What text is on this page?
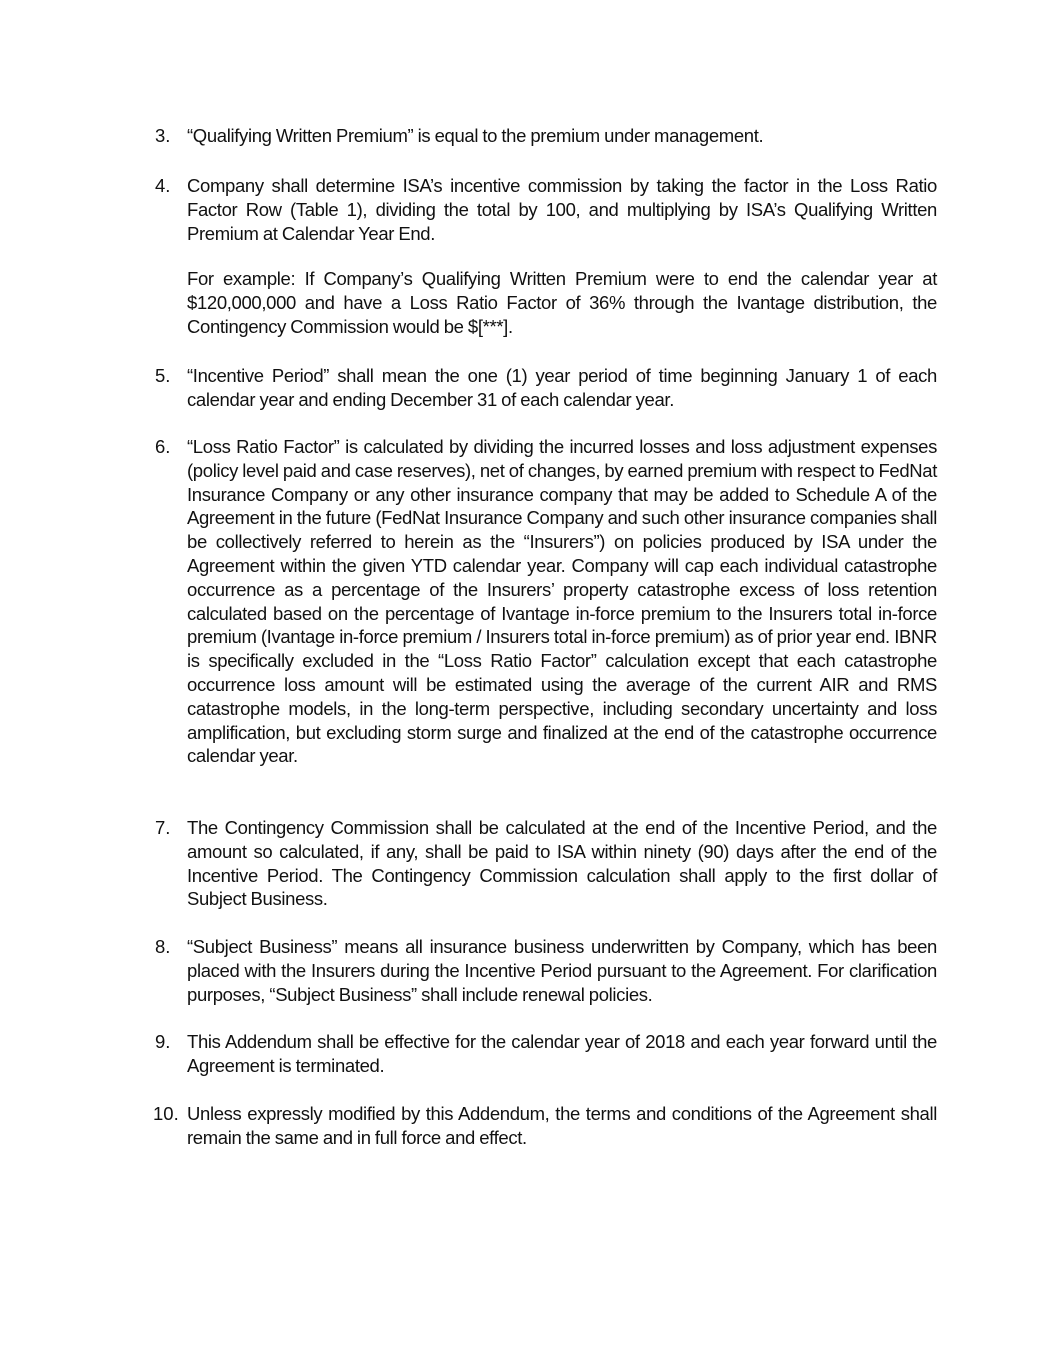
3. “Qualifying Written Premium” is equal to the premium under management.
4. Company shall determine ISA’s incentive commission by taking the factor in the Loss Ratio Factor Row (Table 1), dividing the total by 100, and multiplying by ISA’s Qualifying Written Premium at Calendar Year End.
For example: If Company’s Qualifying Written Premium were to end the calendar year at $120,000,000 and have a Loss Ratio Factor of 36% through the Ivantage distribution, the Contingency Commission would be $[***].
5. “Incentive Period” shall mean the one (1) year period of time beginning January 1 of each calendar year and ending December 31 of each calendar year.
6. “Loss Ratio Factor” is calculated by dividing the incurred losses and loss adjustment expenses (policy level paid and case reserves), net of changes, by earned premium with respect to FedNat Insurance Company or any other insurance company that may be added to Schedule A of the Agreement in the future (FedNat Insurance Company and such other insurance companies shall be collectively referred to herein as the “Insurers”) on policies produced by ISA under the Agreement within the given YTD calendar year. Company will cap each individual catastrophe occurrence as a percentage of the Insurers’ property catastrophe excess of loss retention calculated based on the percentage of Ivantage in-force premium to the Insurers total in-force premium (Ivantage in-force premium / Insurers total in-force premium) as of prior year end. IBNR is specifically excluded in the “Loss Ratio Factor” calculation except that each catastrophe occurrence loss amount will be estimated using the average of the current AIR and RMS catastrophe models, in the long-term perspective, including secondary uncertainty and loss amplification, but excluding storm surge and finalized at the end of the catastrophe occurrence calendar year.
7. The Contingency Commission shall be calculated at the end of the Incentive Period, and the amount so calculated, if any, shall be paid to ISA within ninety (90) days after the end of the Incentive Period. The Contingency Commission calculation shall apply to the first dollar of Subject Business.
8. “Subject Business” means all insurance business underwritten by Company, which has been placed with the Insurers during the Incentive Period pursuant to the Agreement. For clarification purposes, “Subject Business” shall include renewal policies.
9. This Addendum shall be effective for the calendar year of 2018 and each year forward until the Agreement is terminated.
10. Unless expressly modified by this Addendum, the terms and conditions of the Agreement shall remain the same and in full force and effect.
